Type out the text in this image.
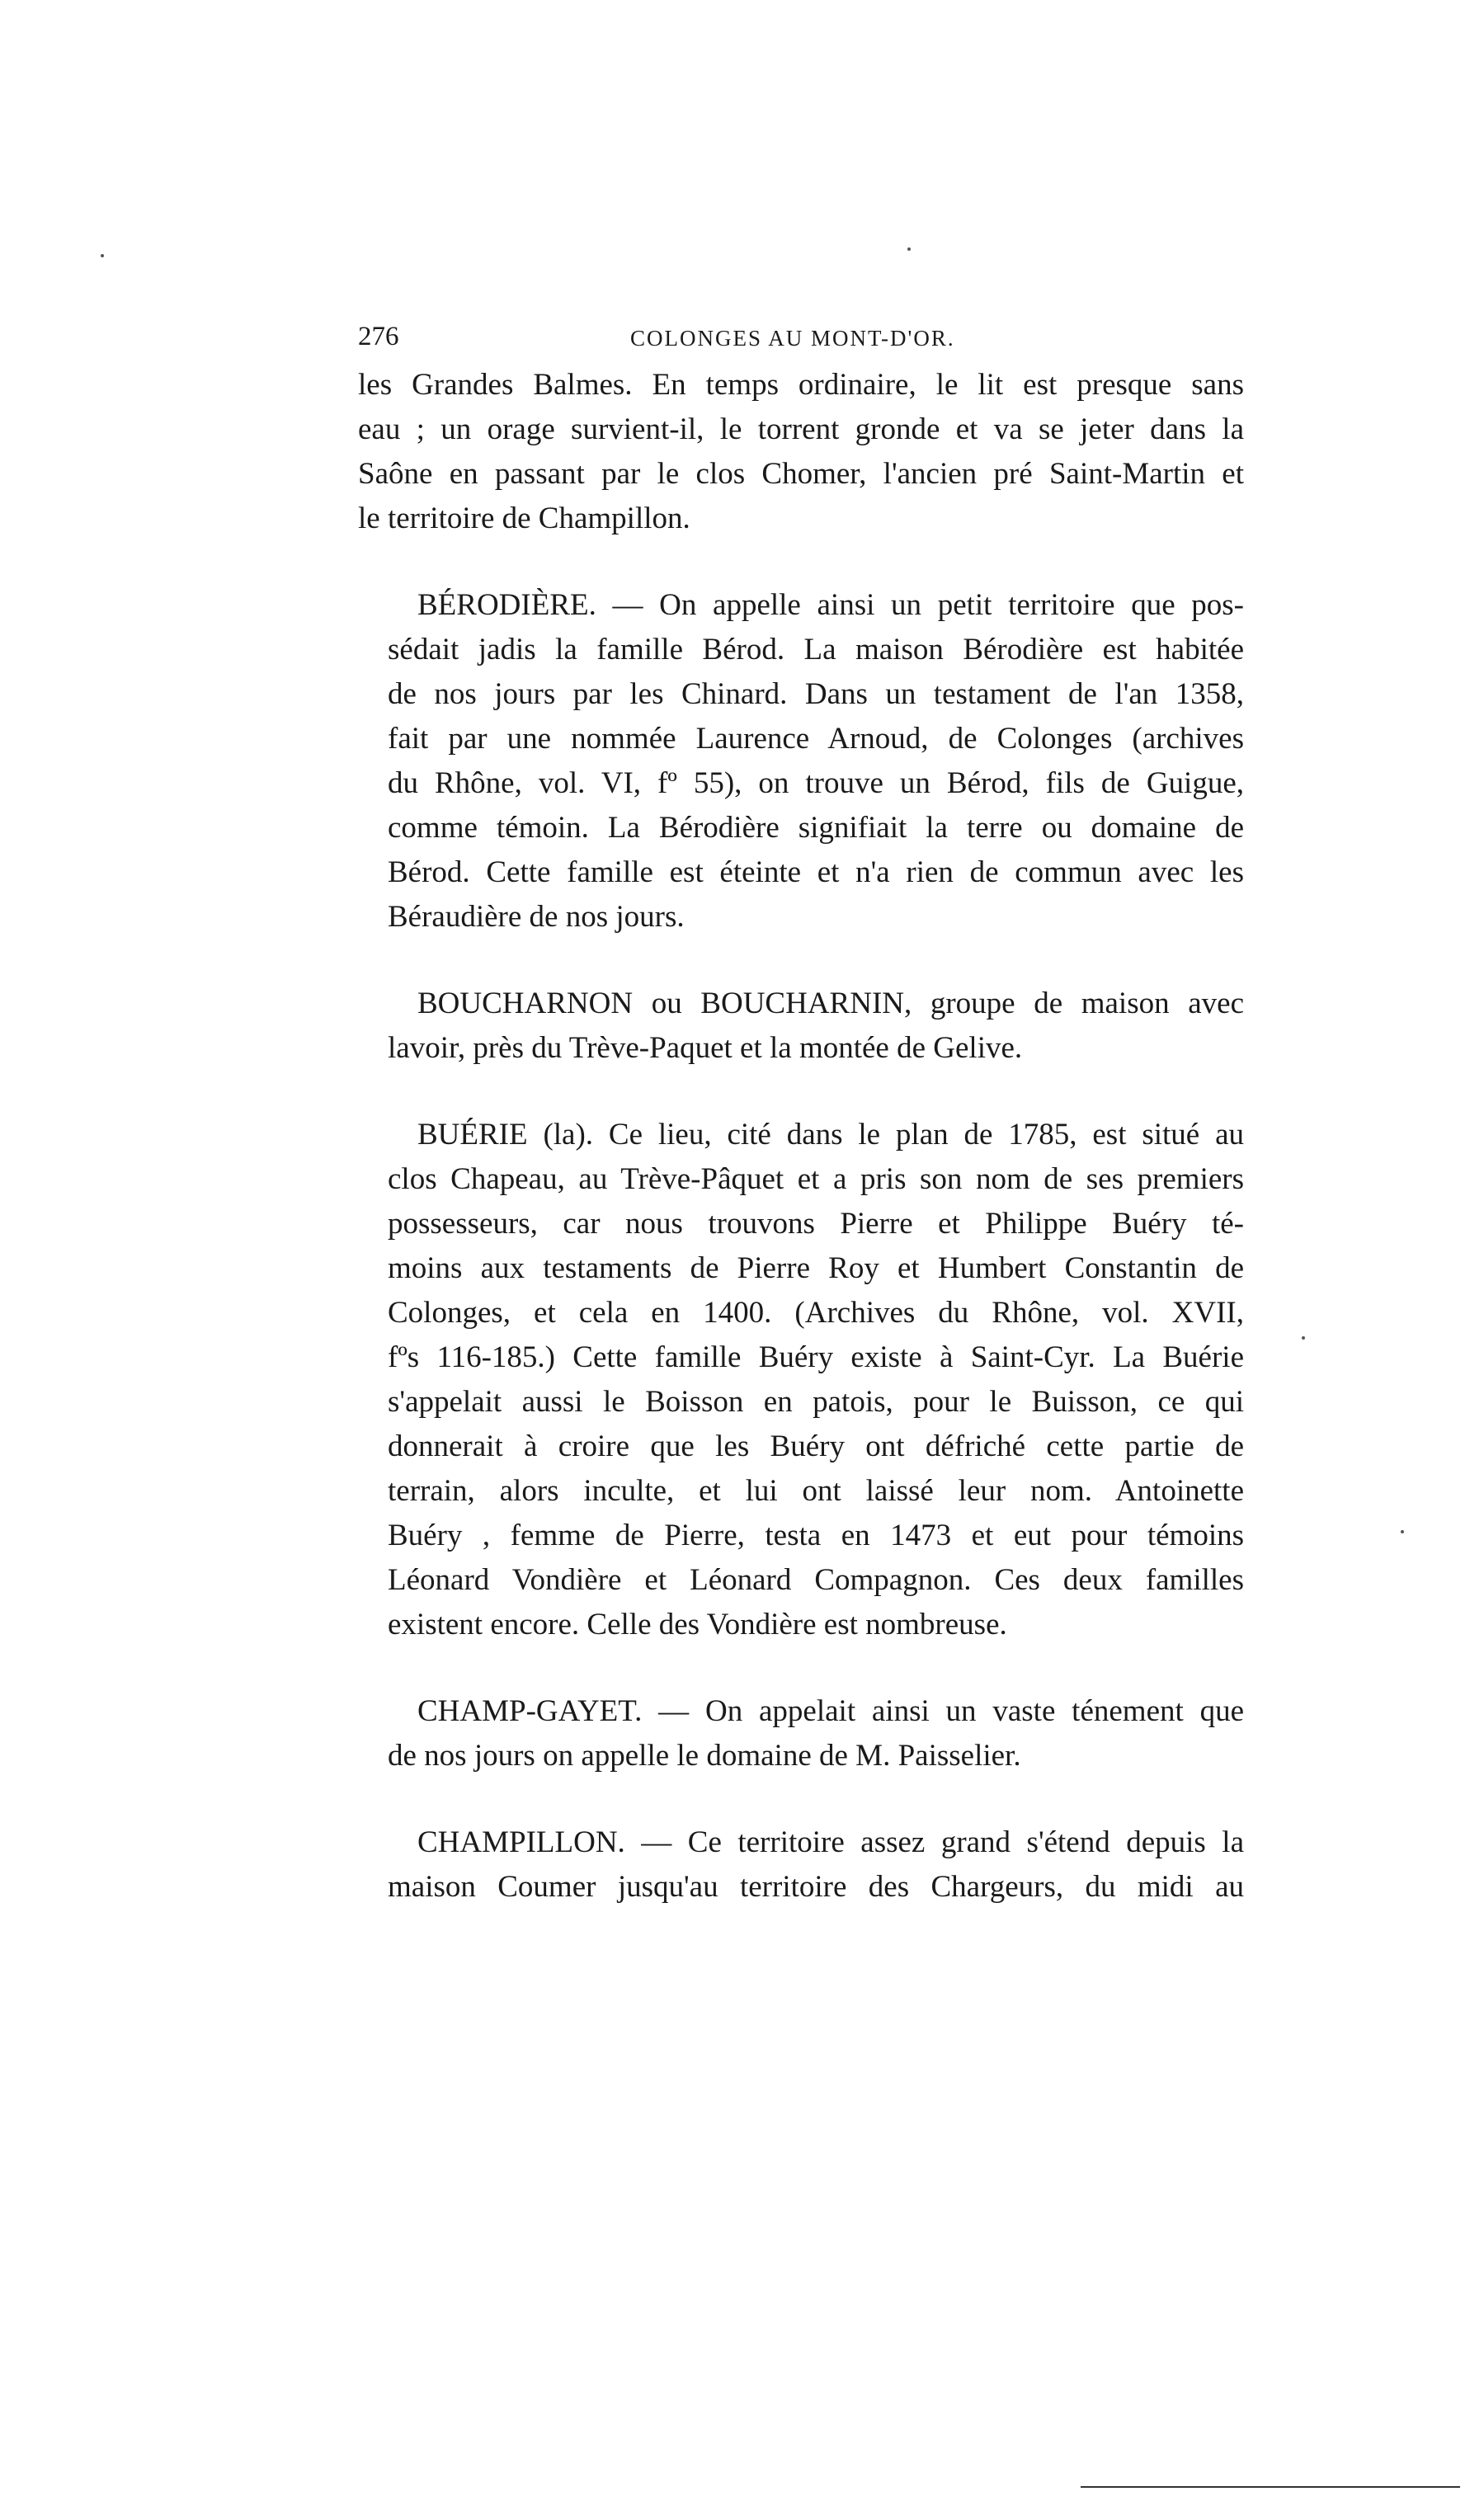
276	COLONGES AU MONT-D'OR.
les Grandes Balmes. En temps ordinaire, le lit est presque sans
eau ; un orage survient-il, le torrent gronde et va se jeter dans la
Saône en passant par le clos Chomer, l'ancien pré Saint-Martin et
le territoire de Champillon.
BÉRODIÈRE. — On appelle ainsi un petit territoire que pos-
sédait jadis la famille Bérod. La maison Bérodière est habitée
de nos jours par les Chinard. Dans un testament de l'an 1358,
fait par une nommée Laurence Arnoud, de Colonges (archives
du Rhône, vol. VI, fº 55), on trouve un Bérod, fils de Guigue,
comme témoin. La Bérodière signifiait la terre ou domaine de
Bérod. Cette famille est éteinte et n'a rien de commun avec les
Béraudière de nos jours.
BOUCHARNON ou BOUCHARNIN, groupe de maison avec
lavoir, près du Trève-Paquet et la montée de Gelive.
BUÉRIE (la). Ce lieu, cité dans le plan de 1785, est situé au
clos Chapeau, au Trève-Pâquet et a pris son nom de ses premiers
possesseurs, car nous trouvons Pierre et Philippe Buéry té-
moins aux testaments de Pierre Roy et Humbert Constantin de
Colonges, et cela en 1400. (Archives du Rhône, vol. XVII,
fºs 116-185.) Cette famille Buéry existe à Saint-Cyr. La Buérie
s'appelait aussi le Boisson en patois, pour le Buisson, ce qui
donnerait à croire que les Buéry ont défriché cette partie de
terrain, alors inculte, et lui ont laissé leur nom. Antoinette
Buéry , femme de Pierre, testa en 1473 et eut pour témoins
Léonard Vondière et Léonard Compagnon. Ces deux familles
existent encore. Celle des Vondière est nombreuse.
CHAMP-GAYET. — On appelait ainsi un vaste ténement que
de nos jours on appelle le domaine de M. Paisselier.
CHAMPILLON. — Ce territoire assez grand s'étend depuis la
maison Coumer jusqu'au territoire des Chargeurs, du midi au
